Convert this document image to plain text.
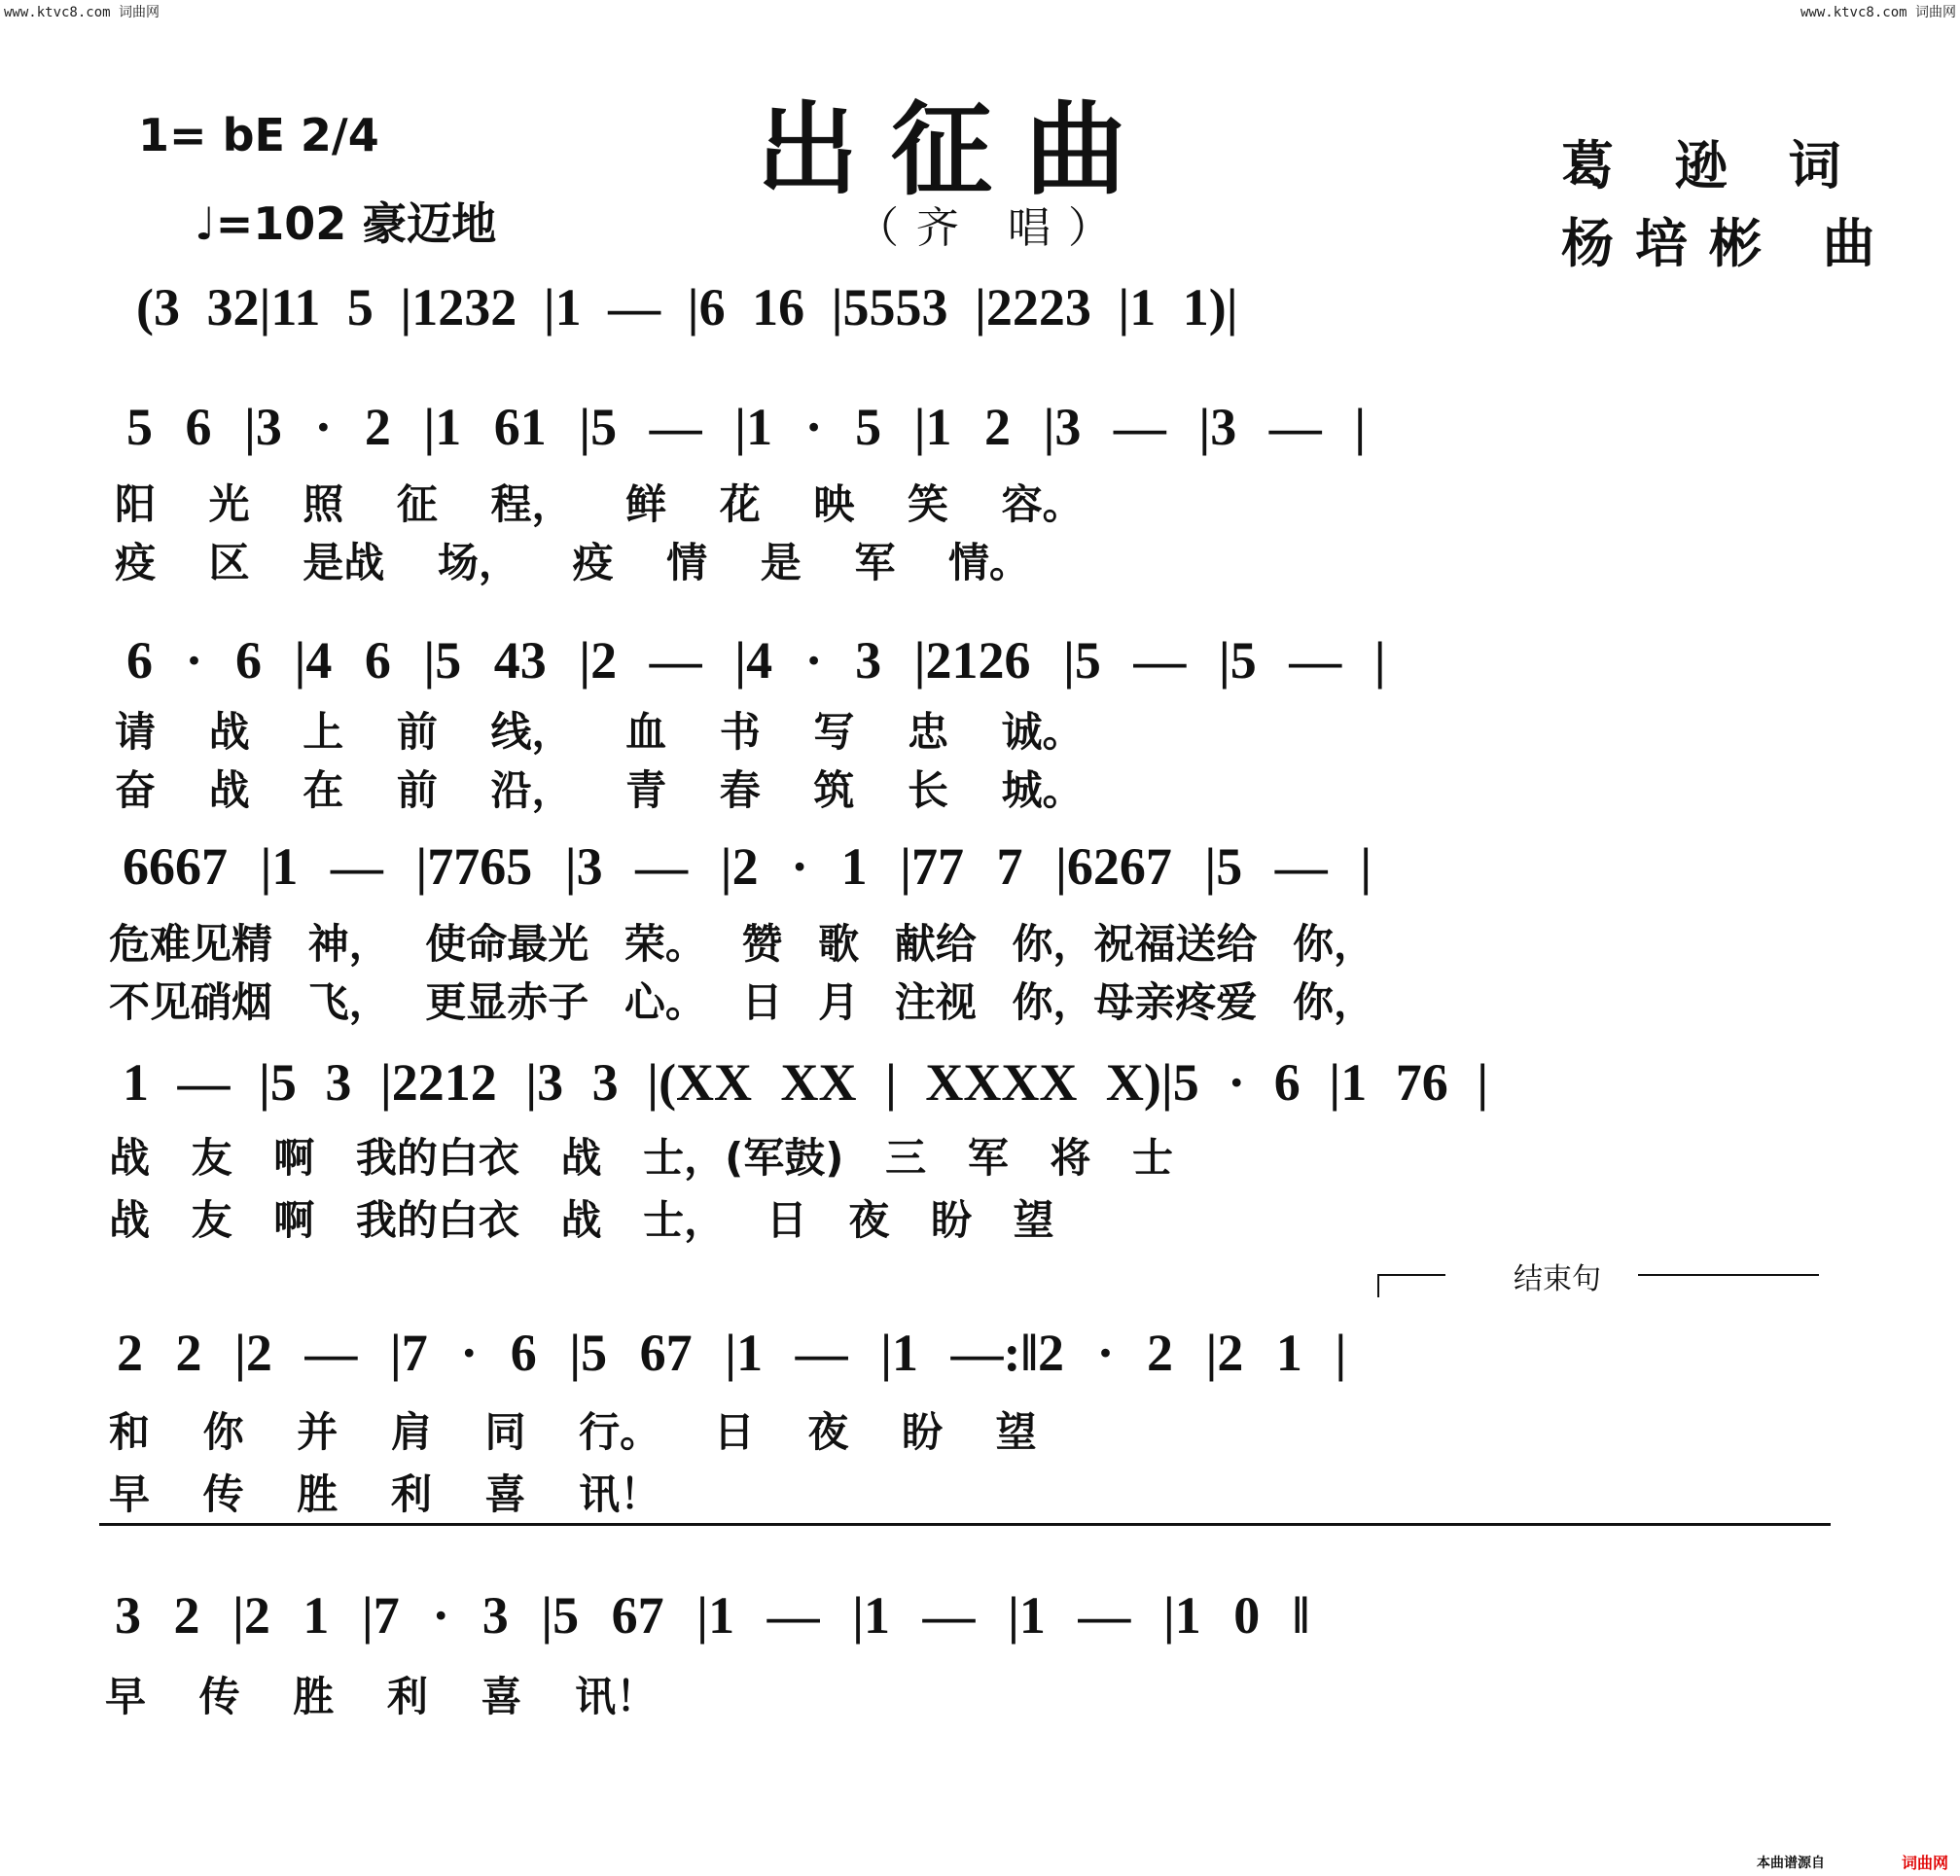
www.ktvc8.com 词曲网	www.ktvc8.com 词曲网
出征曲
1= bE 2/4
♩=102 豪迈地	（齐 唱）
葛 逊 词
杨培彬 曲
(3 32|11 5 |1232 |1 — |6 16 |5553 |2223 |1 1)|
5 6 |3 · 2 |1 61 |5 — |1 · 5 |1 2 |3 — |3 — |
阳 光 照 征 程， 鲜 花 映 笑 容。
疫 区 是战 场， 疫 情 是 军 情。
6 · 6 |4 6 |5 43 |2 — |4 · 3 |2126 |5 — |5 — |
请 战 上 前 线， 血 书 写 忠 诚。
奋 战 在 前 沿， 青 春 筑 长 城。
6667 |1 — |7765 |3 — |2 · 1 |77 7 |6267 |5 — |
危难见精 神， 使命最光 荣。 赞 歌 献给 你，祝福送给 你，
不见硝烟 飞， 更显赤子 心。 日 月 注视 你，母亲疼爱 你，
1 — |5 3 |2212 |3 3 |(XX XX | XXXX X)|5 · 6 |1 76 |
战 友 啊 我的白衣 战 士，(军鼓) 三 军 将 士
战 友 啊 我的白衣 战 士， 日 夜 盼 望
结束句
2 2 |2 — |7 · 6 |5 67 |1 — |1 —:‖2 · 2 |2 1 |
和 你 并 肩 同 行。 日 夜 盼 望
早 传 胜 利 喜 讯！
3 2 |2 1 |7 · 3 |5 67 |1 — |1 — |1 — |1 0 ‖
早 传 胜 利 喜 讯！
本曲谱源自	词曲网
